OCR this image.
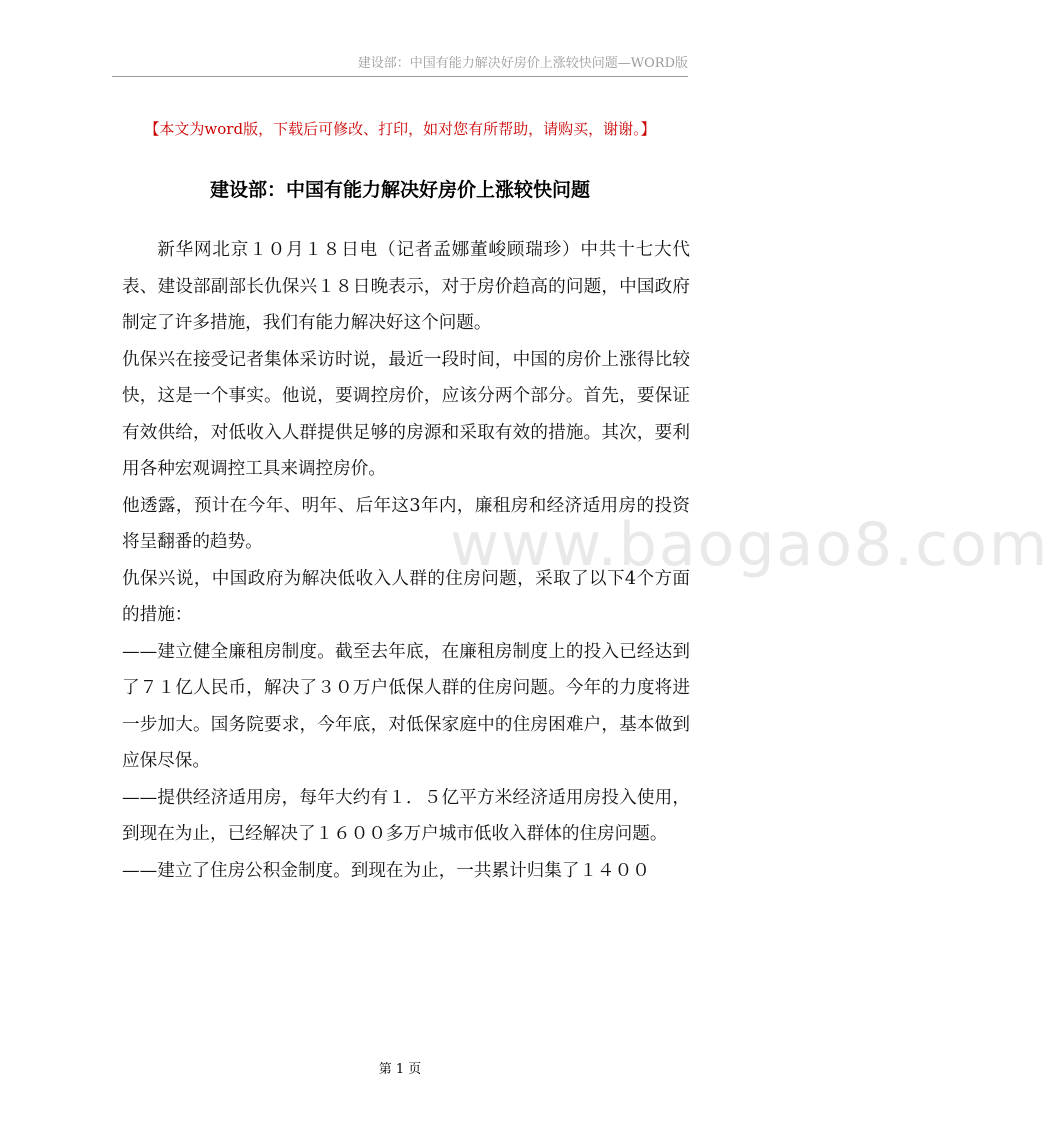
建设部：中国有能力解决好房价上涨较快问题—WORD版
【本文为word版，下载后可修改、打印，如对您有所帮助，请购买，谢谢。】
建设部：中国有能力解决好房价上涨较快问题
www.baogao8.com

新华网北京１０月１８日电（记者孟娜董峻顾瑞珍）中共十七大代表、建设部副部长仇保兴１８日晚表示，对于房价趋高的问题，中国政府制定了许多措施，我们有能力解决好这个问题。

仇保兴在接受记者集体采访时说，最近一段时间，中国的房价上涨得比较快，这是一个事实。他说，要调控房价，应该分两个部分。首先，要保证有效供给，对低收入人群提供足够的房源和采取有效的措施。其次，要利用各种宏观调控工具来调控房价。

他透露，预计在今年、明年、后年这3年内，廉租房和经济适用房的投资将呈翻番的趋势。

仇保兴说，中国政府为解决低收入人群的住房问题，采取了以下4个方面的措施：

——建立健全廉租房制度。截至去年底，在廉租房制度上的投入已经达到了７１亿人民币，解决了３０万户低保人群的住房问题。今年的力度将进一步加大。国务院要求，今年底，对低保家庭中的住房困难户，基本做到应保尽保。

——提供经济适用房，每年大约有１．５亿平方米经济适用房投入使用，到现在为止，已经解决了１６００多万户城市低收入群体的住房问题。

——建立了住房公积金制度。到现在为止，一共累计归集了１４００

第 1 页
